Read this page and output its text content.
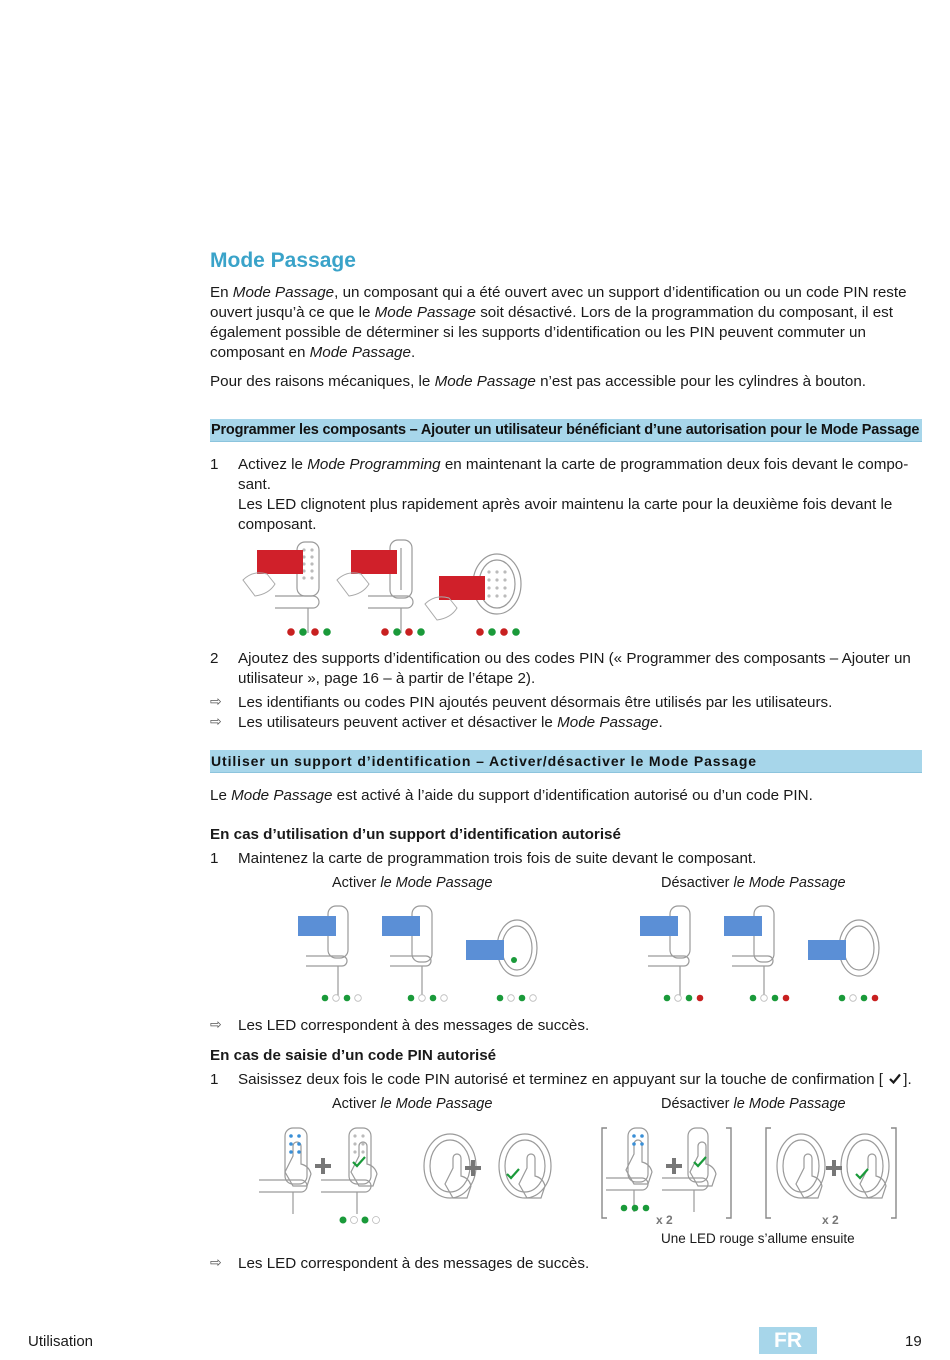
Mode Passage
En Mode Passage, un composant qui a été ouvert avec un support d’identification ou un code PIN reste
ouvert jusqu’à ce que le Mode Passage soit désactivé. Lors de la programmation du composant, il est
également possible de déterminer si les supports d’identification ou les PIN peuvent commuter un
composant en Mode Passage.
Pour des raisons mécaniques, le Mode Passage n’est pas accessible pour les cylindres à bouton.
Programmer les composants – Ajouter un utilisateur bénéficiant d’une autorisation pour le Mode Passage
1 Activez le Mode Programming en maintenant la carte de programmation deux fois devant le compo-
sant.
Les LED clignotent plus rapidement après avoir maintenu la carte pour la deuxième fois devant le
composant.
2 Ajoutez des supports d’identification ou des codes PIN (« Programmer des composants – Ajouter un
utilisateur », page 16 – à partir de l’étape 2).
⇨ Les identifiants ou codes PIN ajoutés peuvent désormais être utilisés par les utilisateurs.
⇨ Les utilisateurs peuvent activer et désactiver le Mode Passage.
Utiliser un support d’identification – Activer/désactiver le Mode Passage
Le Mode Passage est activé à l’aide du support d’identification autorisé ou d’un code PIN.
En cas d’utilisation d’un support d’identification autorisé
1 Maintenez la carte de programmation trois fois de suite devant le composant.
Activer le Mode Passage	Désactiver le Mode Passage
⇨ Les LED correspondent à des messages de succès.
En cas de saisie d’un code PIN autorisé
1 Saisissez deux fois le code PIN autorisé et terminez en appuyant sur la touche de confirmation [ ].
Activer le Mode Passage	Désactiver le Mode Passage
x 2	x 2
Une LED rouge s’allume ensuite
⇨ Les LED correspondent à des messages de succès.
Utilisation	FR	19
